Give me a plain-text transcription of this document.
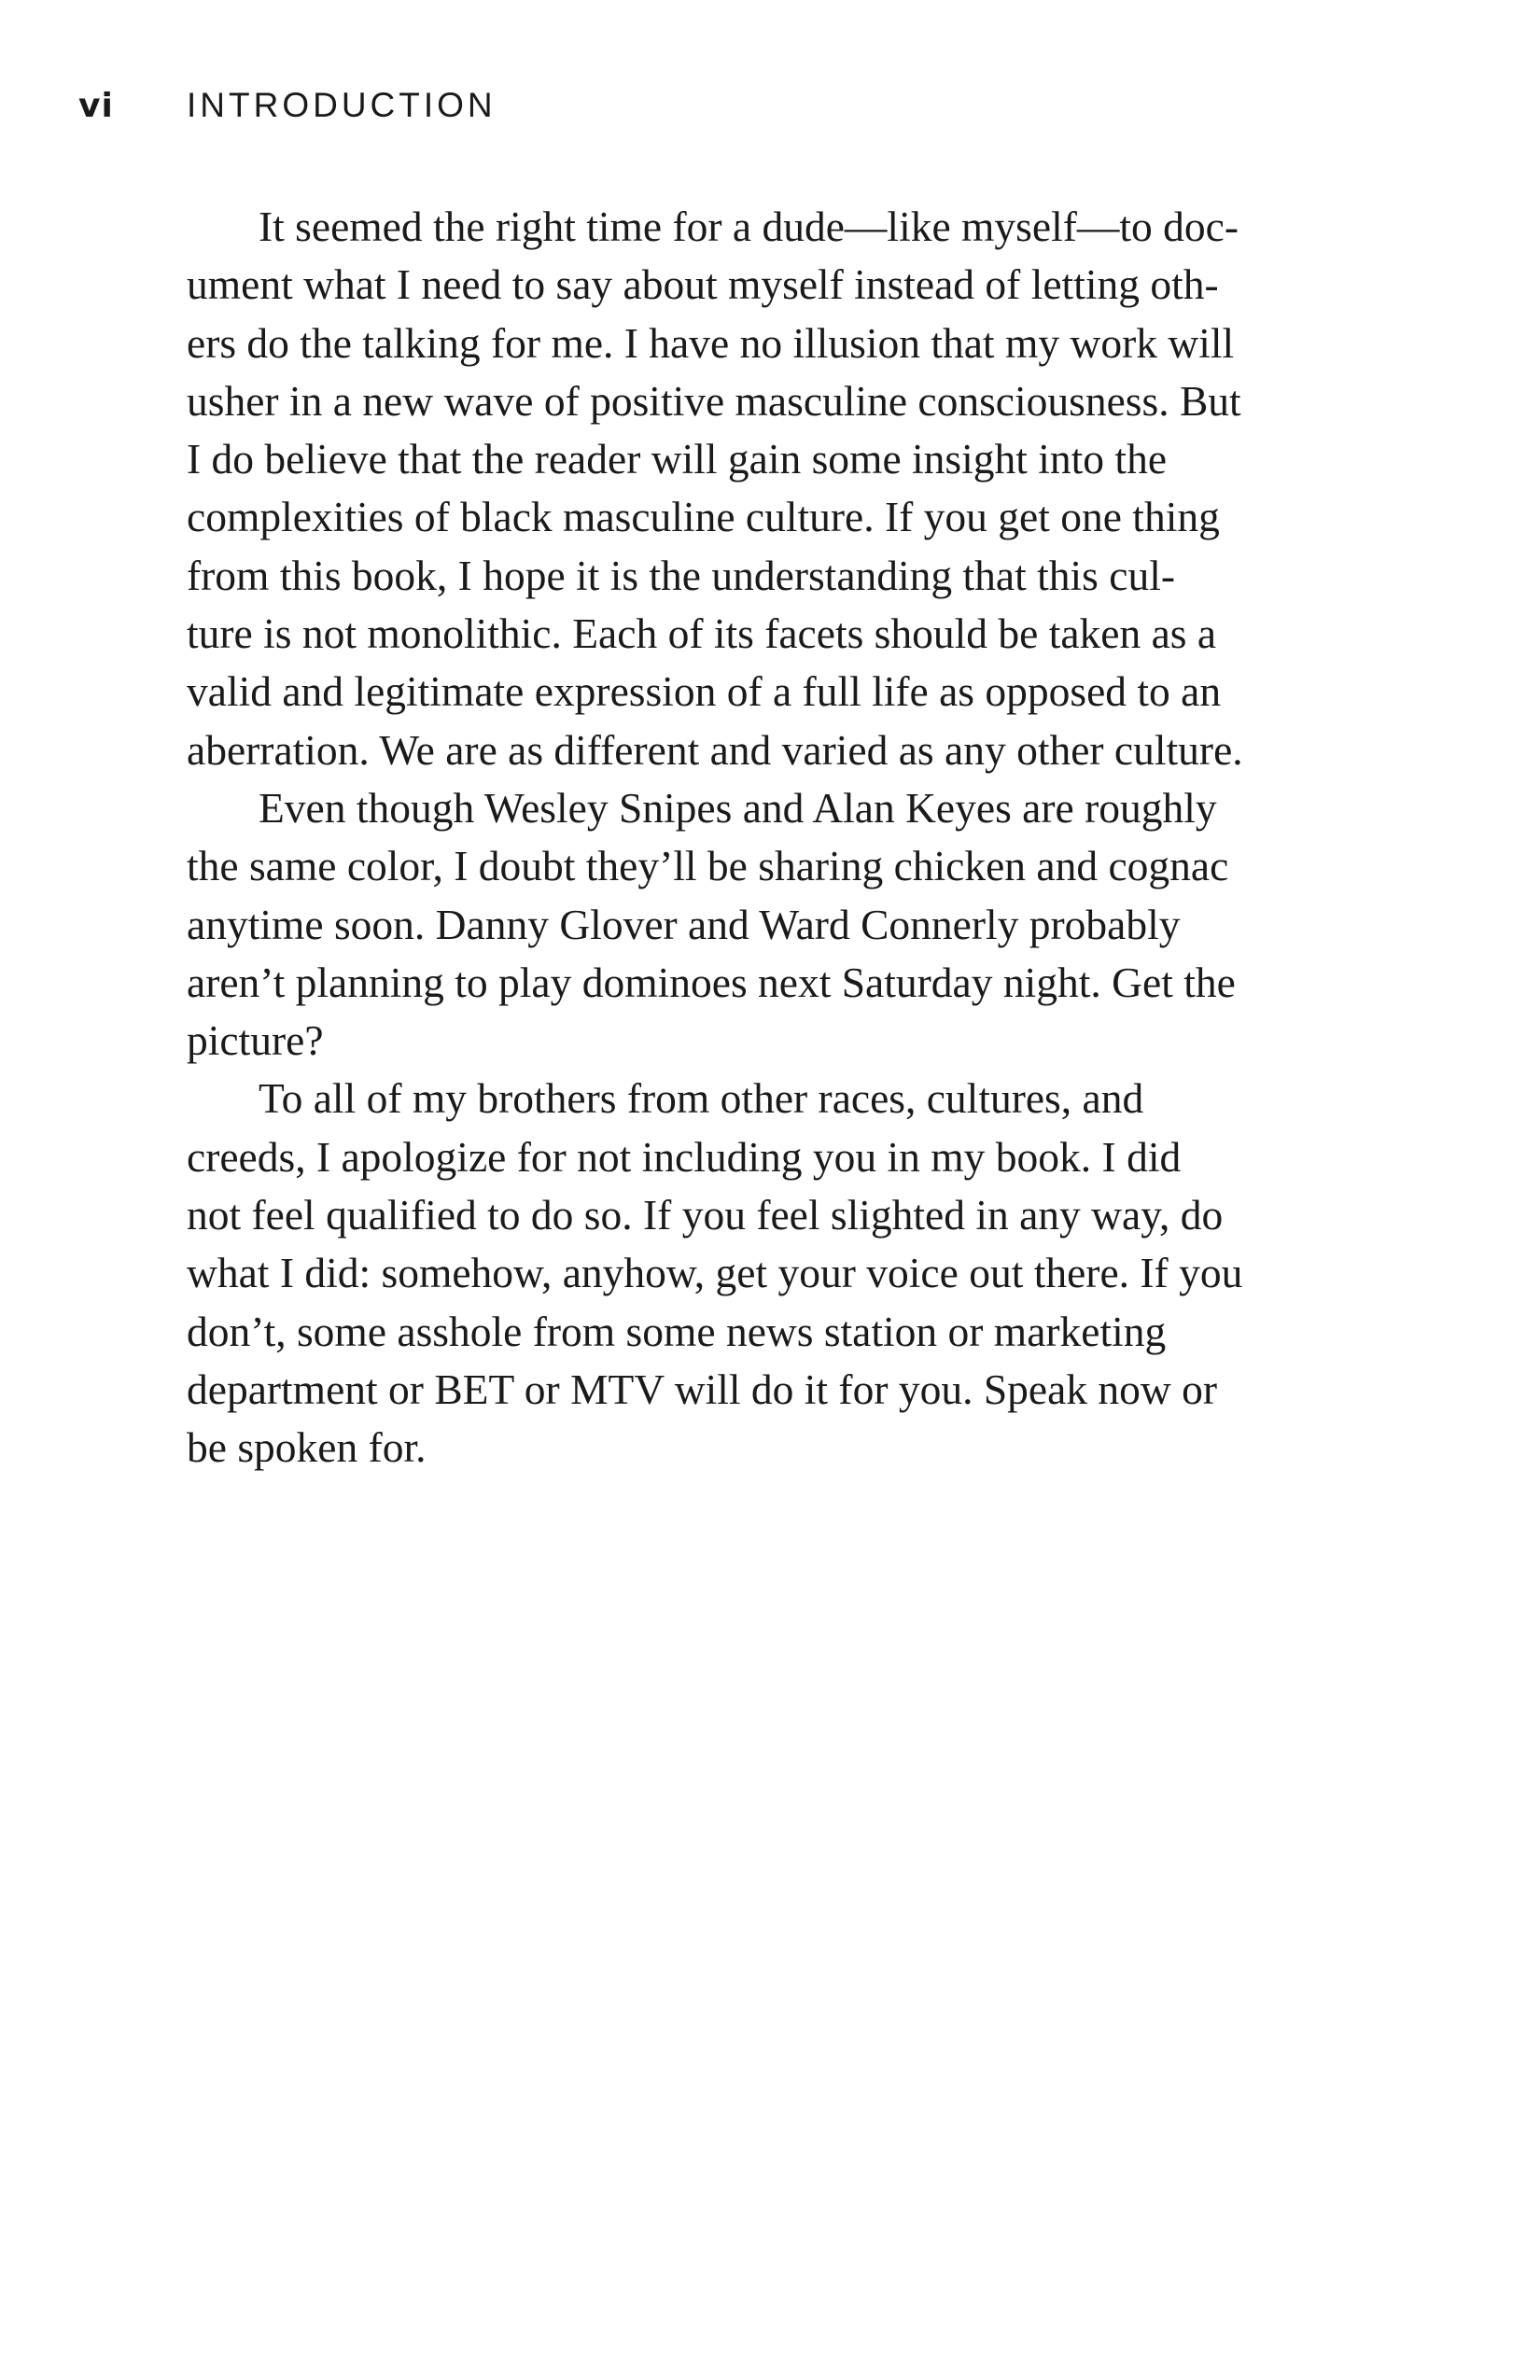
vi	INTRODUCTION
It seemed the right time for a dude—like myself—to doc-
ument what I need to say about myself instead of letting oth-
ers do the talking for me. I have no illusion that my work will
usher in a new wave of positive masculine consciousness. But
I do believe that the reader will gain some insight into the
complexities of black masculine culture. If you get one thing
from this book, I hope it is the understanding that this cul-
ture is not monolithic. Each of its facets should be taken as a
valid and legitimate expression of a full life as opposed to an
aberration. We are as different and varied as any other culture.
Even though Wesley Snipes and Alan Keyes are roughly
the same color, I doubt they’ll be sharing chicken and cognac
anytime soon. Danny Glover and Ward Connerly probably
aren’t planning to play dominoes next Saturday night. Get the
picture?
To all of my brothers from other races, cultures, and
creeds, I apologize for not including you in my book. I did
not feel qualified to do so. If you feel slighted in any way, do
what I did: somehow, anyhow, get your voice out there. If you
don’t, some asshole from some news station or marketing
department or BET or MTV will do it for you. Speak now or
be spoken for.
